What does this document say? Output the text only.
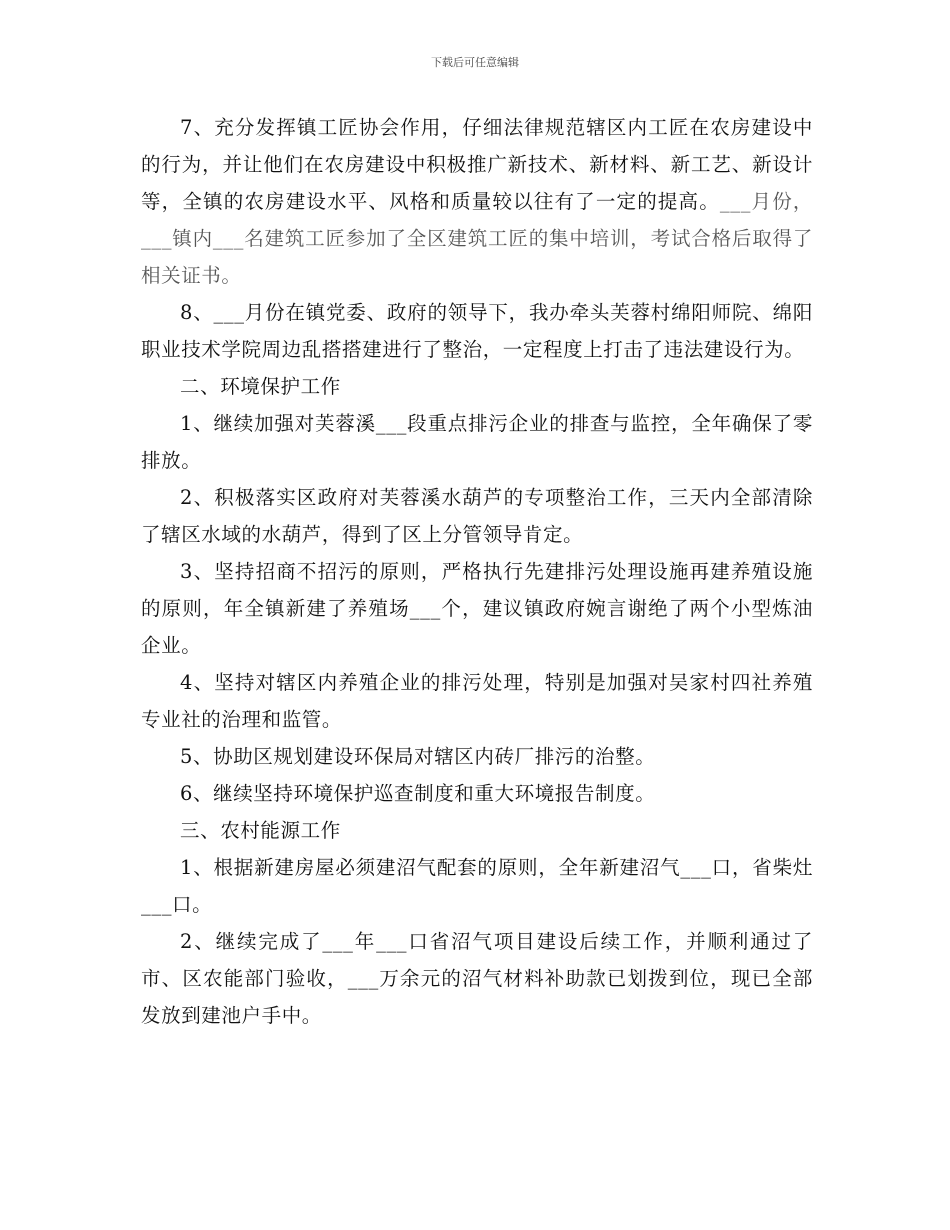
下载后可任意编辑

7、充分发挥镇工匠协会作用，仔细法律规范辖区内工匠在农房建设中的行为，并让他们在农房建设中积极推广新技术、新材料、新工艺、新设计等，全镇的农房建设水平、风格和质量较以往有了一定的提高。___月份，___镇内___名建筑工匠参加了全区建筑工匠的集中培训，考试合格后取得了相关证书。

8、___月份在镇党委、政府的领导下，我办牵头芙蓉村绵阳师院、绵阳职业技术学院周边乱搭搭建进行了整治，一定程度上打击了违法建设行为。

二、环境保护工作

1、继续加强对芙蓉溪___段重点排污企业的排查与监控，全年确保了零排放。

2、积极落实区政府对芙蓉溪水葫芦的专项整治工作，三天内全部清除了辖区水域的水葫芦，得到了区上分管领导肯定。

3、坚持招商不招污的原则，严格执行先建排污处理设施再建养殖设施的原则，年全镇新建了养殖场___个，建议镇政府婉言谢绝了两个小型炼油企业。

4、坚持对辖区内养殖企业的排污处理，特别是加强对吴家村四社养殖专业社的治理和监管。

5、协助区规划建设环保局对辖区内砖厂排污的治整。

6、继续坚持环境保护巡查制度和重大环境报告制度。

三、农村能源工作

1、根据新建房屋必须建沼气配套的原则，全年新建沼气___口，省柴灶___口。

2、继续完成了___年___口省沼气项目建设后续工作，并顺利通过了市、区农能部门验收，___万余元的沼气材料补助款已划拨到位，现已全部发放到建池户手中。
